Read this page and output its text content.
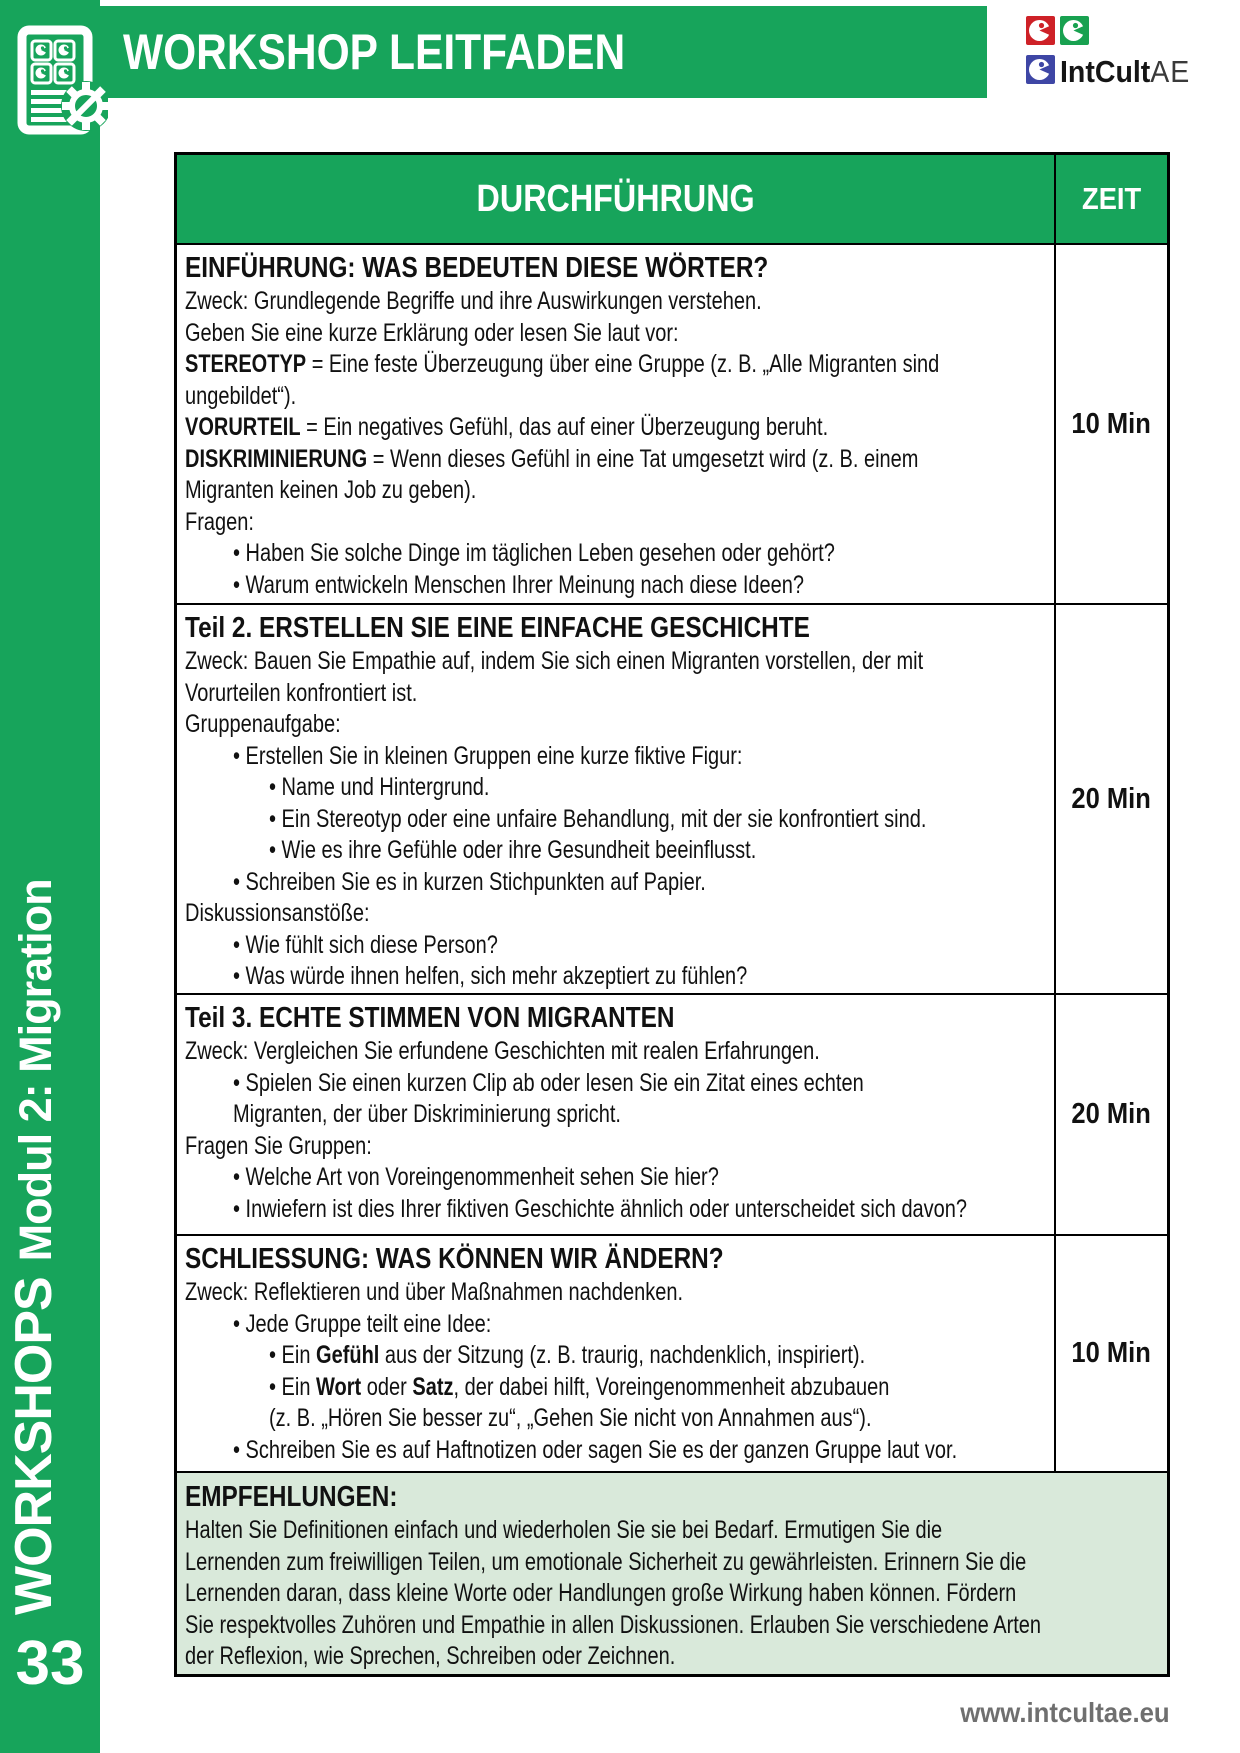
WORKSHOPS
Modul 2: Migration
33
WORKSHOP LEITFADEN	IntCultAE
DURCHFÜHRUNG	ZEIT
EINFÜHRUNG: WAS BEDEUTEN DIESE WÖRTER?
Zweck: Grundlegende Begriffe und ihre Auswirkungen verstehen.
Geben Sie eine kurze Erklärung oder lesen Sie laut vor:
STEREOTYP = Eine feste Überzeugung über eine Gruppe (z. B. „Alle Migranten sind
ungebildet“).
VORURTEIL = Ein negatives Gefühl, das auf einer Überzeugung beruht.
DISKRIMINIERUNG = Wenn dieses Gefühl in eine Tat umgesetzt wird (z. B. einem
Migranten keinen Job zu geben).
Fragen:
• Haben Sie solche Dinge im täglichen Leben gesehen oder gehört?
• Warum entwickeln Menschen Ihrer Meinung nach diese Ideen?
10 Min
Teil 2. ERSTELLEN SIE EINE EINFACHE GESCHICHTE
Zweck: Bauen Sie Empathie auf, indem Sie sich einen Migranten vorstellen, der mit
Vorurteilen konfrontiert ist.
Gruppenaufgabe:
• Erstellen Sie in kleinen Gruppen eine kurze fiktive Figur:
• Name und Hintergrund.
• Ein Stereotyp oder eine unfaire Behandlung, mit der sie konfrontiert sind.
• Wie es ihre Gefühle oder ihre Gesundheit beeinflusst.
• Schreiben Sie es in kurzen Stichpunkten auf Papier.
Diskussionsanstöße:
• Wie fühlt sich diese Person?
• Was würde ihnen helfen, sich mehr akzeptiert zu fühlen?
20 Min
Teil 3. ECHTE STIMMEN VON MIGRANTEN
Zweck: Vergleichen Sie erfundene Geschichten mit realen Erfahrungen.
• Spielen Sie einen kurzen Clip ab oder lesen Sie ein Zitat eines echten
Migranten, der über Diskriminierung spricht.
Fragen Sie Gruppen:
• Welche Art von Voreingenommenheit sehen Sie hier?
• Inwiefern ist dies Ihrer fiktiven Geschichte ähnlich oder unterscheidet sich davon?
20 Min
SCHLIESSUNG: WAS KÖNNEN WIR ÄNDERN?
Zweck: Reflektieren und über Maßnahmen nachdenken.
• Jede Gruppe teilt eine Idee:
• Ein Gefühl aus der Sitzung (z. B. traurig, nachdenklich, inspiriert).
• Ein Wort oder Satz, der dabei hilft, Voreingenommenheit abzubauen
(z. B. „Hören Sie besser zu“, „Gehen Sie nicht von Annahmen aus“).
• Schreiben Sie es auf Haftnotizen oder sagen Sie es der ganzen Gruppe laut vor.
10 Min
EMPFEHLUNGEN:
Halten Sie Definitionen einfach und wiederholen Sie sie bei Bedarf. Ermutigen Sie die
Lernenden zum freiwilligen Teilen, um emotionale Sicherheit zu gewährleisten. Erinnern Sie die
Lernenden daran, dass kleine Worte oder Handlungen große Wirkung haben können. Fördern
Sie respektvolles Zuhören und Empathie in allen Diskussionen. Erlauben Sie verschiedene Arten
der Reflexion, wie Sprechen, Schreiben oder Zeichnen.
www.intcultae.eu
